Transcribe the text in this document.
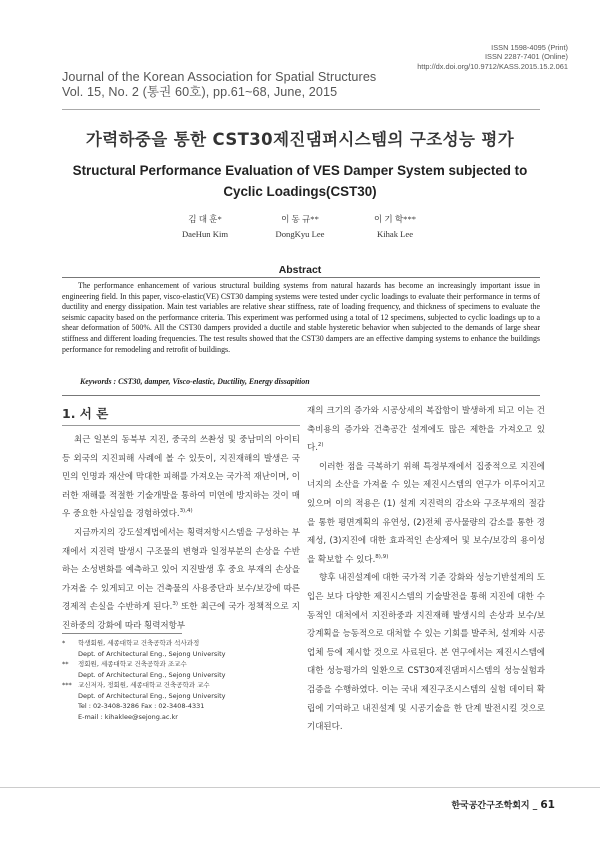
ISSN 1598-4095 (Print)
ISSN 2287-7401 (Online)
http://dx.doi.org/10.9712/KASS.2015.15.2.061
Journal of the Korean Association for Spatial Structures
Vol. 15, No. 2 (통권 60호), pp.61~68, June, 2015
가력하중을 통한 CST30제진댐퍼시스템의 구조성능 평가
Structural Performance Evaluation of VES Damper System subjected to
Cyclic Loadings(CST30)
김 대 훈*
DaeHun Kim
이 동 규**
DongKyu Lee
이 기 학***
Kihak Lee
Abstract

The performance enhancement of various structural building systems from natural hazards has become an increasingly important issue in engineering field. In this paper, visco-elastic(VE) CST30 damping systems were tested under cyclic loadings to evaluate their performance in terms of ductility and energy dissipation. Main test variables are relative shear stiffness, rate of loading frequency, and thickness of specimens to evaluate the seismic capacity based on the performance criteria. This experiment was performed using a total of 12 specimens, subjected to cyclic loadings up to a shear deformation of 500%. All the CST30 dampers provided a ductile and stable hysteretic behavior when subjected to the demands of large shear stiffness and different loading frequencies. The test results showed that the CST30 dampers are an effective damping systems to enhance the buildings performance for remodeling and retrofit of buildings.

Keywords : CST30, damper, Visco-elastic, Ductility, Energy dissapition
1. 서 론

최근 일본의 동북부 지진, 중국의 쓰촨성 및 중남미의 아이티 등 외국의 지진피해 사례에 볼 수 있듯이, 지진재해의 발생은 국민의 인명과 재산에 막대한 피해를 가져오는 국가적 재난이며, 이러한 재해를 적절한 기술개발을 통하여 미연에 방지하는 것이 매우 중요한 사실임을 경험하였다.$^{3),4)}$

지금까지의 강도설계법에서는 횡력저항시스템을 구성하는 부재에서 지진력 발생시 구조물의 변형과 일정부분의 손상을 수반하는 소성변화를 예측하고 있어 지진발생 후 중요 부재의 손상을 가져올 수 있게되고 이는 건축물의 사용중단과 보수/보강에 따른 경제적 손실을 수반하게 된다.$^{3)}$ 또한 최근에 국가 정책적으로 지진하중의 강화에 따라 횡력저항부

*	학생회원, 세종대학교 건축공학과 석사과정
Dept. of Architectural Eng., Sejong University
**	정회원, 세종대학교 건축공학과 조교수
Dept. of Architectural Eng., Sejong University
*** 교신저자, 정회원, 세종대학교 건축공학과 교수
Dept. of Architectural Eng., Sejong University
Tel : 02-3408-3286 Fax : 02-3408-4331
E-mail : kihaklee@sejong.ac.kr

재의 크기의 증가와 시공상세의 복잡함이 발생하게 되고 이는 건축비용의 증가와 건축공간 설계에도 많은 제한을 가져오고 있다.$^{2)}$

이러한 점을 극복하기 위해 특정부재에서 집중적으로 지진에너지의 소산을 가져올 수 있는 제진시스템의 연구가 이루어지고 있으며 이의 적용은 (1) 설계 지진력의 감소와 구조부재의 절감을 통한 평면계획의 유연성, (2)전체 공사물량의 감소를 통한 경제성, (3)지진에 대한 효과적인 손상제어 및 보수/보강의 용이성을 확보할 수 있다.$^{8),9)}$

향후 내진설계에 대한 국가적 기준 강화와 성능기반설계의 도입은 보다 다양한 제진시스템의 기술발전을 통해 지진에 대한 수동적인 대처에서 지진하중과 지진재해 발생시의 손상과 보수/보강계획을 능동적으로 대처할 수 있는 기회를 발주처, 설계와 시공업체 등에 제시할 것으로 사료된다. 본 연구에서는 제진시스템에 대한 성능평가의 일환으로 CST30제진댐퍼시스템의 성능실험과 검증을 수행하였다. 이는 국내 제진구조시스템의 실험 데이터 확립에 기여하고 내진설계 및 시공기술을 한 단계 발전시킬 것으로 기대된다.

한국공간구조학회지 _ 61
